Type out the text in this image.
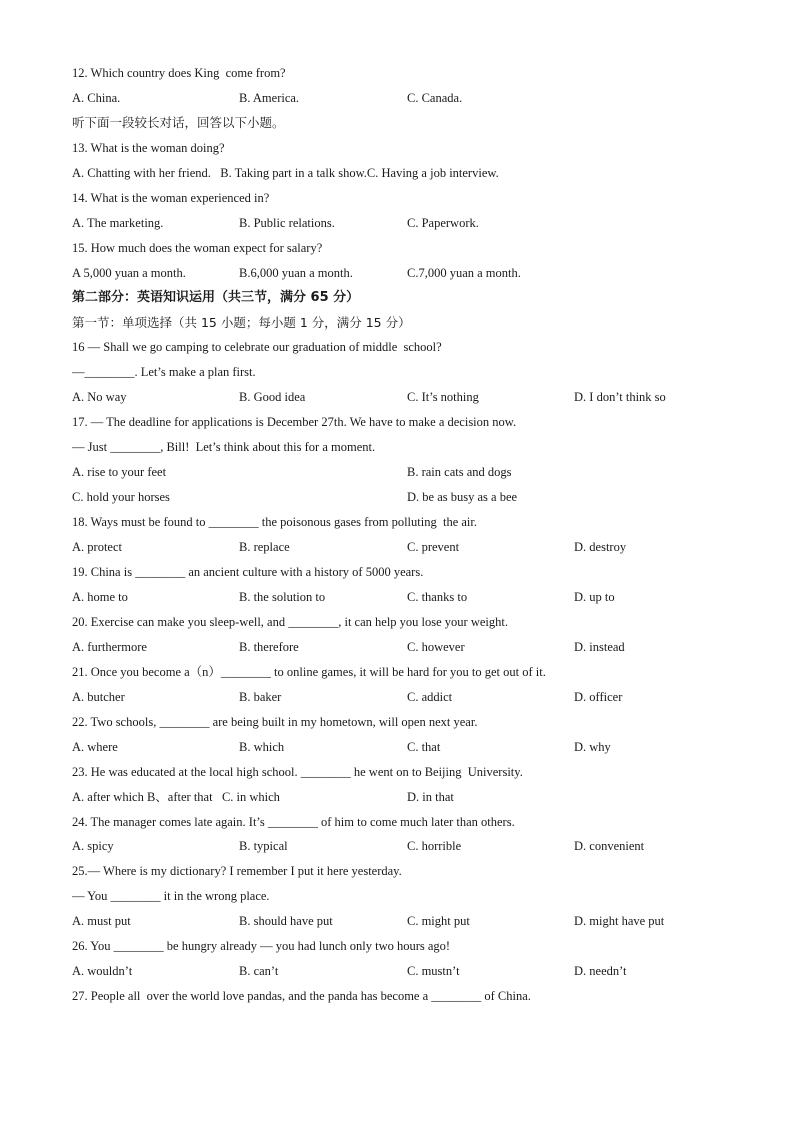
12. Which country does King  come from?
A. China.	B. America.	C. Canada.
听下面一段较长对话，回答以下小题。
13. What is the woman doing?
A. Chatting with her friend.   B. Taking part in a talk show.C. Having a job interview.
14. What is the woman experienced in?
A. The marketing.	B. Public relations.	C. Paperwork.
15. How much does the woman expect for salary?
A 5,000 yuan a month.	B.6,000 yuan a month.	C.7,000 yuan a month.
第二部分：英语知识运用（共三节，满分 65 分）
第一节：单项选择（共 15 小题；每小题 1 分，满分 15 分）
16 — Shall we go camping to celebrate our graduation of middle  school?
—________. Let’s make a plan first.
A. No way	B. Good idea	C. It’s nothing	D. I don’t think so
17. — The deadline for applications is December 27th. We have to make a decision now.
— Just ________, Bill!  Let’s think about this for a moment.
A. rise to your feet	B. rain cats and dogs
C. hold your horses	D. be as busy as a bee
18. Ways must be found to ________ the poisonous gases from polluting  the air.
A. protect	B. replace	C. prevent	D. destroy
19. China is ________ an ancient culture with a history of 5000 years.
A. home to	B. the solution to	C. thanks to	D. up to
20. Exercise can make you sleep-well, and ________, it can help you lose your weight.
A. furthermore	B. therefore	C. however	D. instead
21. Once you become a（n）________ to online games, it will be hard for you to get out of it.
A. butcher	B. baker	C. addict	D. officer
22. Two schools, ________ are being built in my hometown, will open next year.
A. where	B. which	C. that	D. why
23. He was educated at the local high school. ________ he went on to Beijing  University.
A. after which B、after that   C. in which	D. in that
24. The manager comes late again. It’s ________ of him to come much later than others.
A. spicy	B. typical	C. horrible	D. convenient
25.— Where is my dictionary? I remember I put it here yesterday.
— You ________ it in the wrong place.
A. must put	B. should have put	C. might put	D. might have put
26. You ________ be hungry already — you had lunch only two hours ago!
A. wouldn’t	B. can’t	C. mustn’t	D. needn’t
27. People all  over the world love pandas, and the panda has become a ________ of China.
